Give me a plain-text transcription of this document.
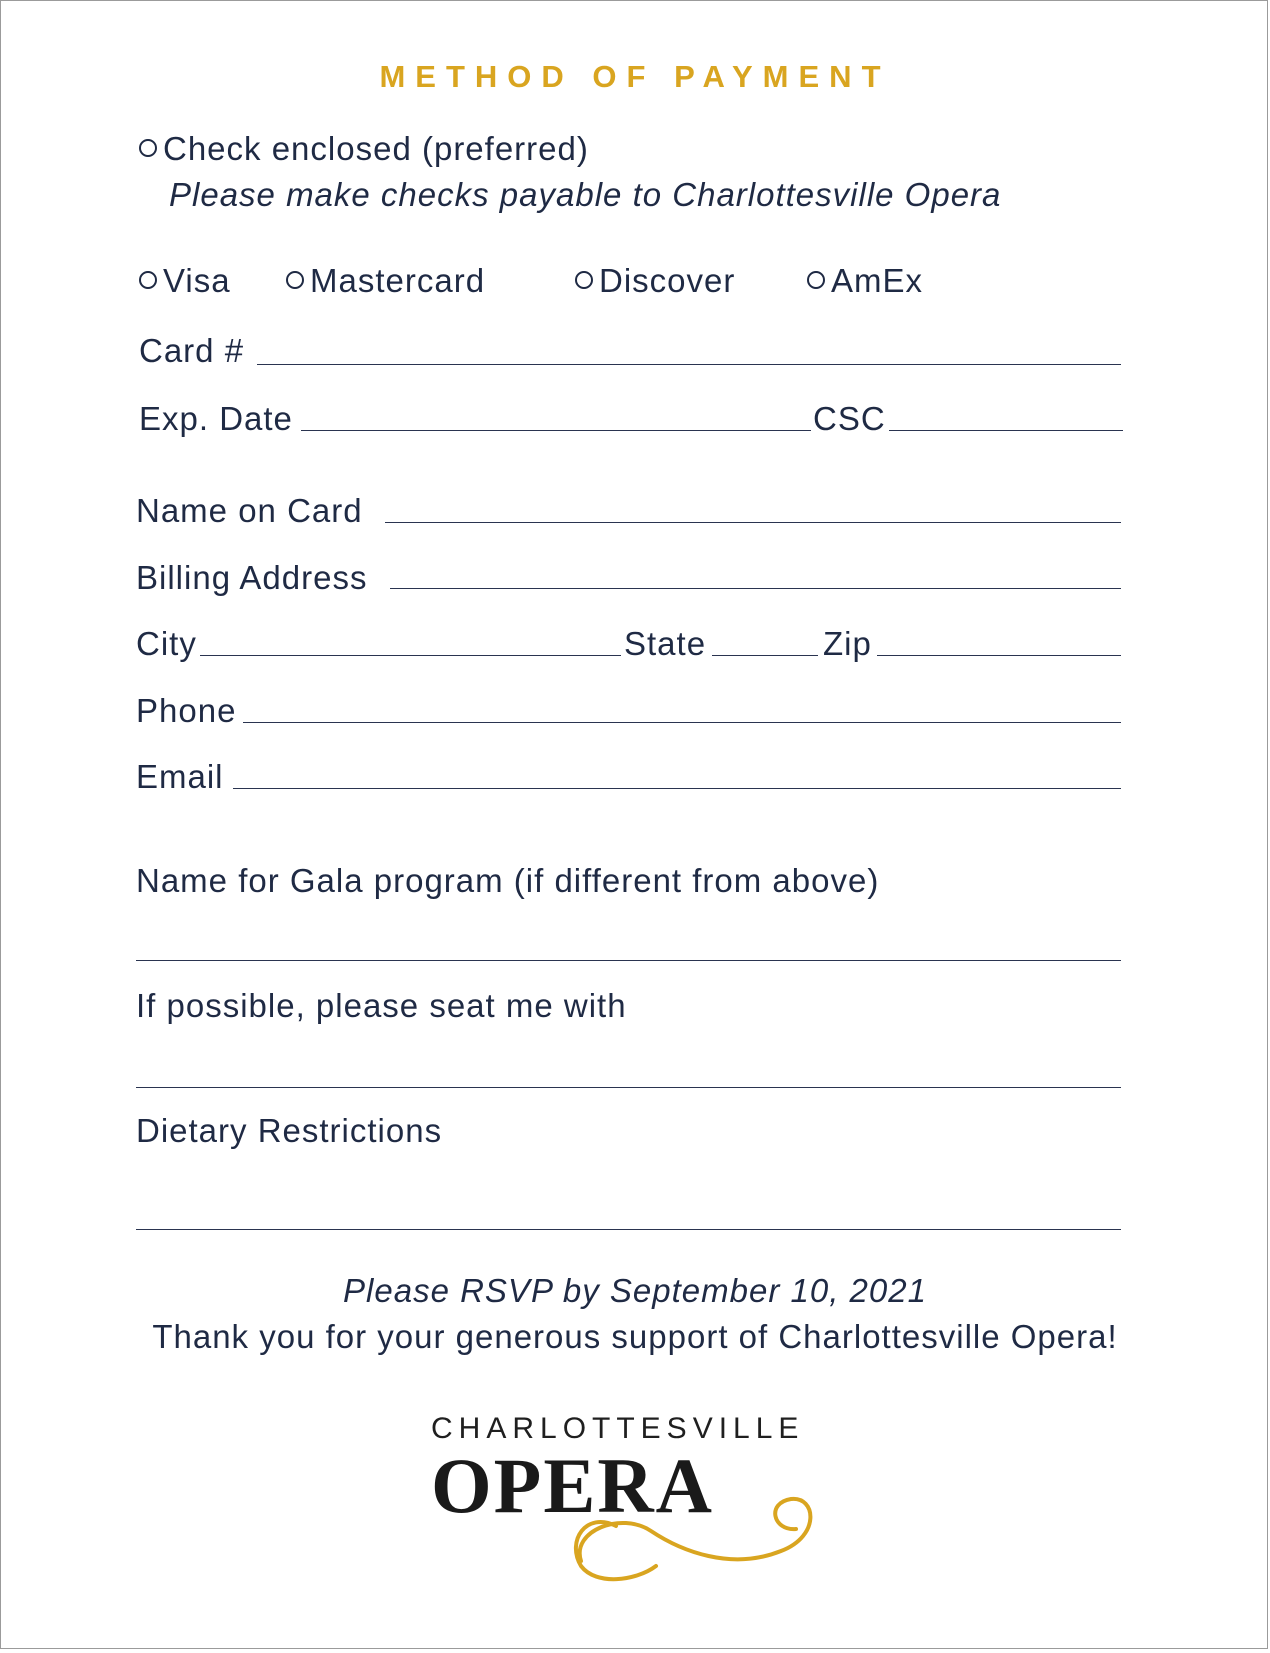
METHOD OF PAYMENT
Check enclosed (preferred)
Please make checks payable to Charlottesville Opera
Visa	Mastercard	Discover	AmEx
Card #
Exp. Date	CSC
Name on Card
Billing Address
City	State	Zip
Phone
Email
Name for Gala program (if different from above)
If possible, please seat me with
Dietary Restrictions
Please RSVP by September 10, 2021
Thank you for your generous support of Charlottesville Opera!
CHARLOTTESVILLE
OPERA
